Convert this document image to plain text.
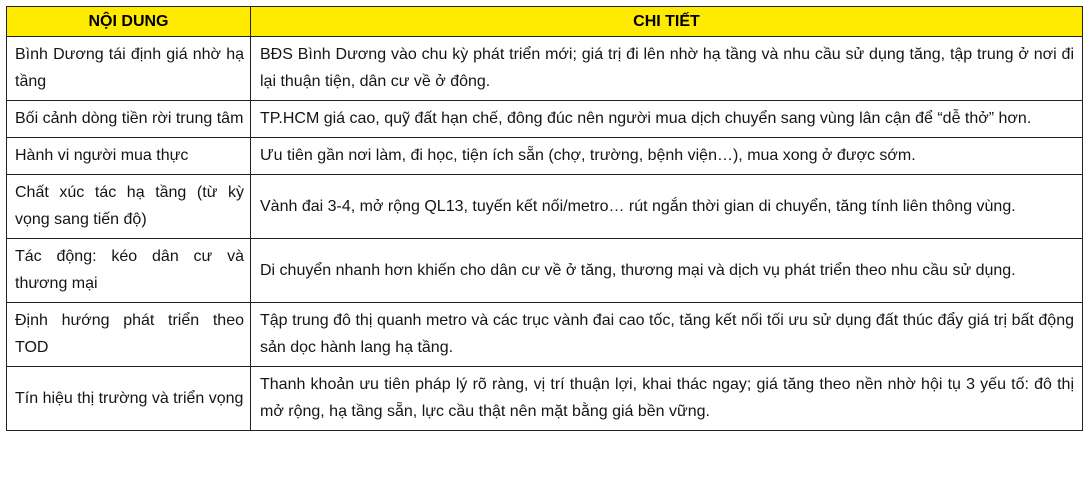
NỘI DUNG	CHI TIẾT
Bình Dương tái định giá nhờ hạ tầng	BĐS Bình Dương vào chu kỳ phát triển mới; giá trị đi lên nhờ hạ tầng và nhu cầu sử dụng tăng, tập trung ở nơi đi lại thuận tiện, dân cư về ở đông.
Bối cảnh dòng tiền rời trung tâm	TP.HCM giá cao, quỹ đất hạn chế, đông đúc nên người mua dịch chuyển sang vùng lân cận để “dễ thở” hơn.
Hành vi người mua thực	Ưu tiên gần nơi làm, đi học, tiện ích sẵn (chợ, trường, bệnh viện…), mua xong ở được sớm.
Chất xúc tác hạ tầng (từ kỳ vọng sang tiến độ)	Vành đai 3-4, mở rộng QL13, tuyến kết nối/metro… rút ngắn thời gian di chuyển, tăng tính liên thông vùng.
Tác động: kéo dân cư và thương mại	Di chuyển nhanh hơn khiến cho dân cư về ở tăng, thương mại và dịch vụ phát triển theo nhu cầu sử dụng.
Định hướng phát triển theo TOD	Tập trung đô thị quanh metro và các trục vành đai cao tốc, tăng kết nối tối ưu sử dụng đất thúc đẩy giá trị bất động sản dọc hành lang hạ tầng.
Tín hiệu thị trường và triển vọng	Thanh khoản ưu tiên pháp lý rõ ràng, vị trí thuận lợi, khai thác ngay; giá tăng theo nền nhờ hội tụ 3 yếu tố: đô thị mở rộng, hạ tầng sẵn, lực cầu thật nên mặt bằng giá bền vững.
